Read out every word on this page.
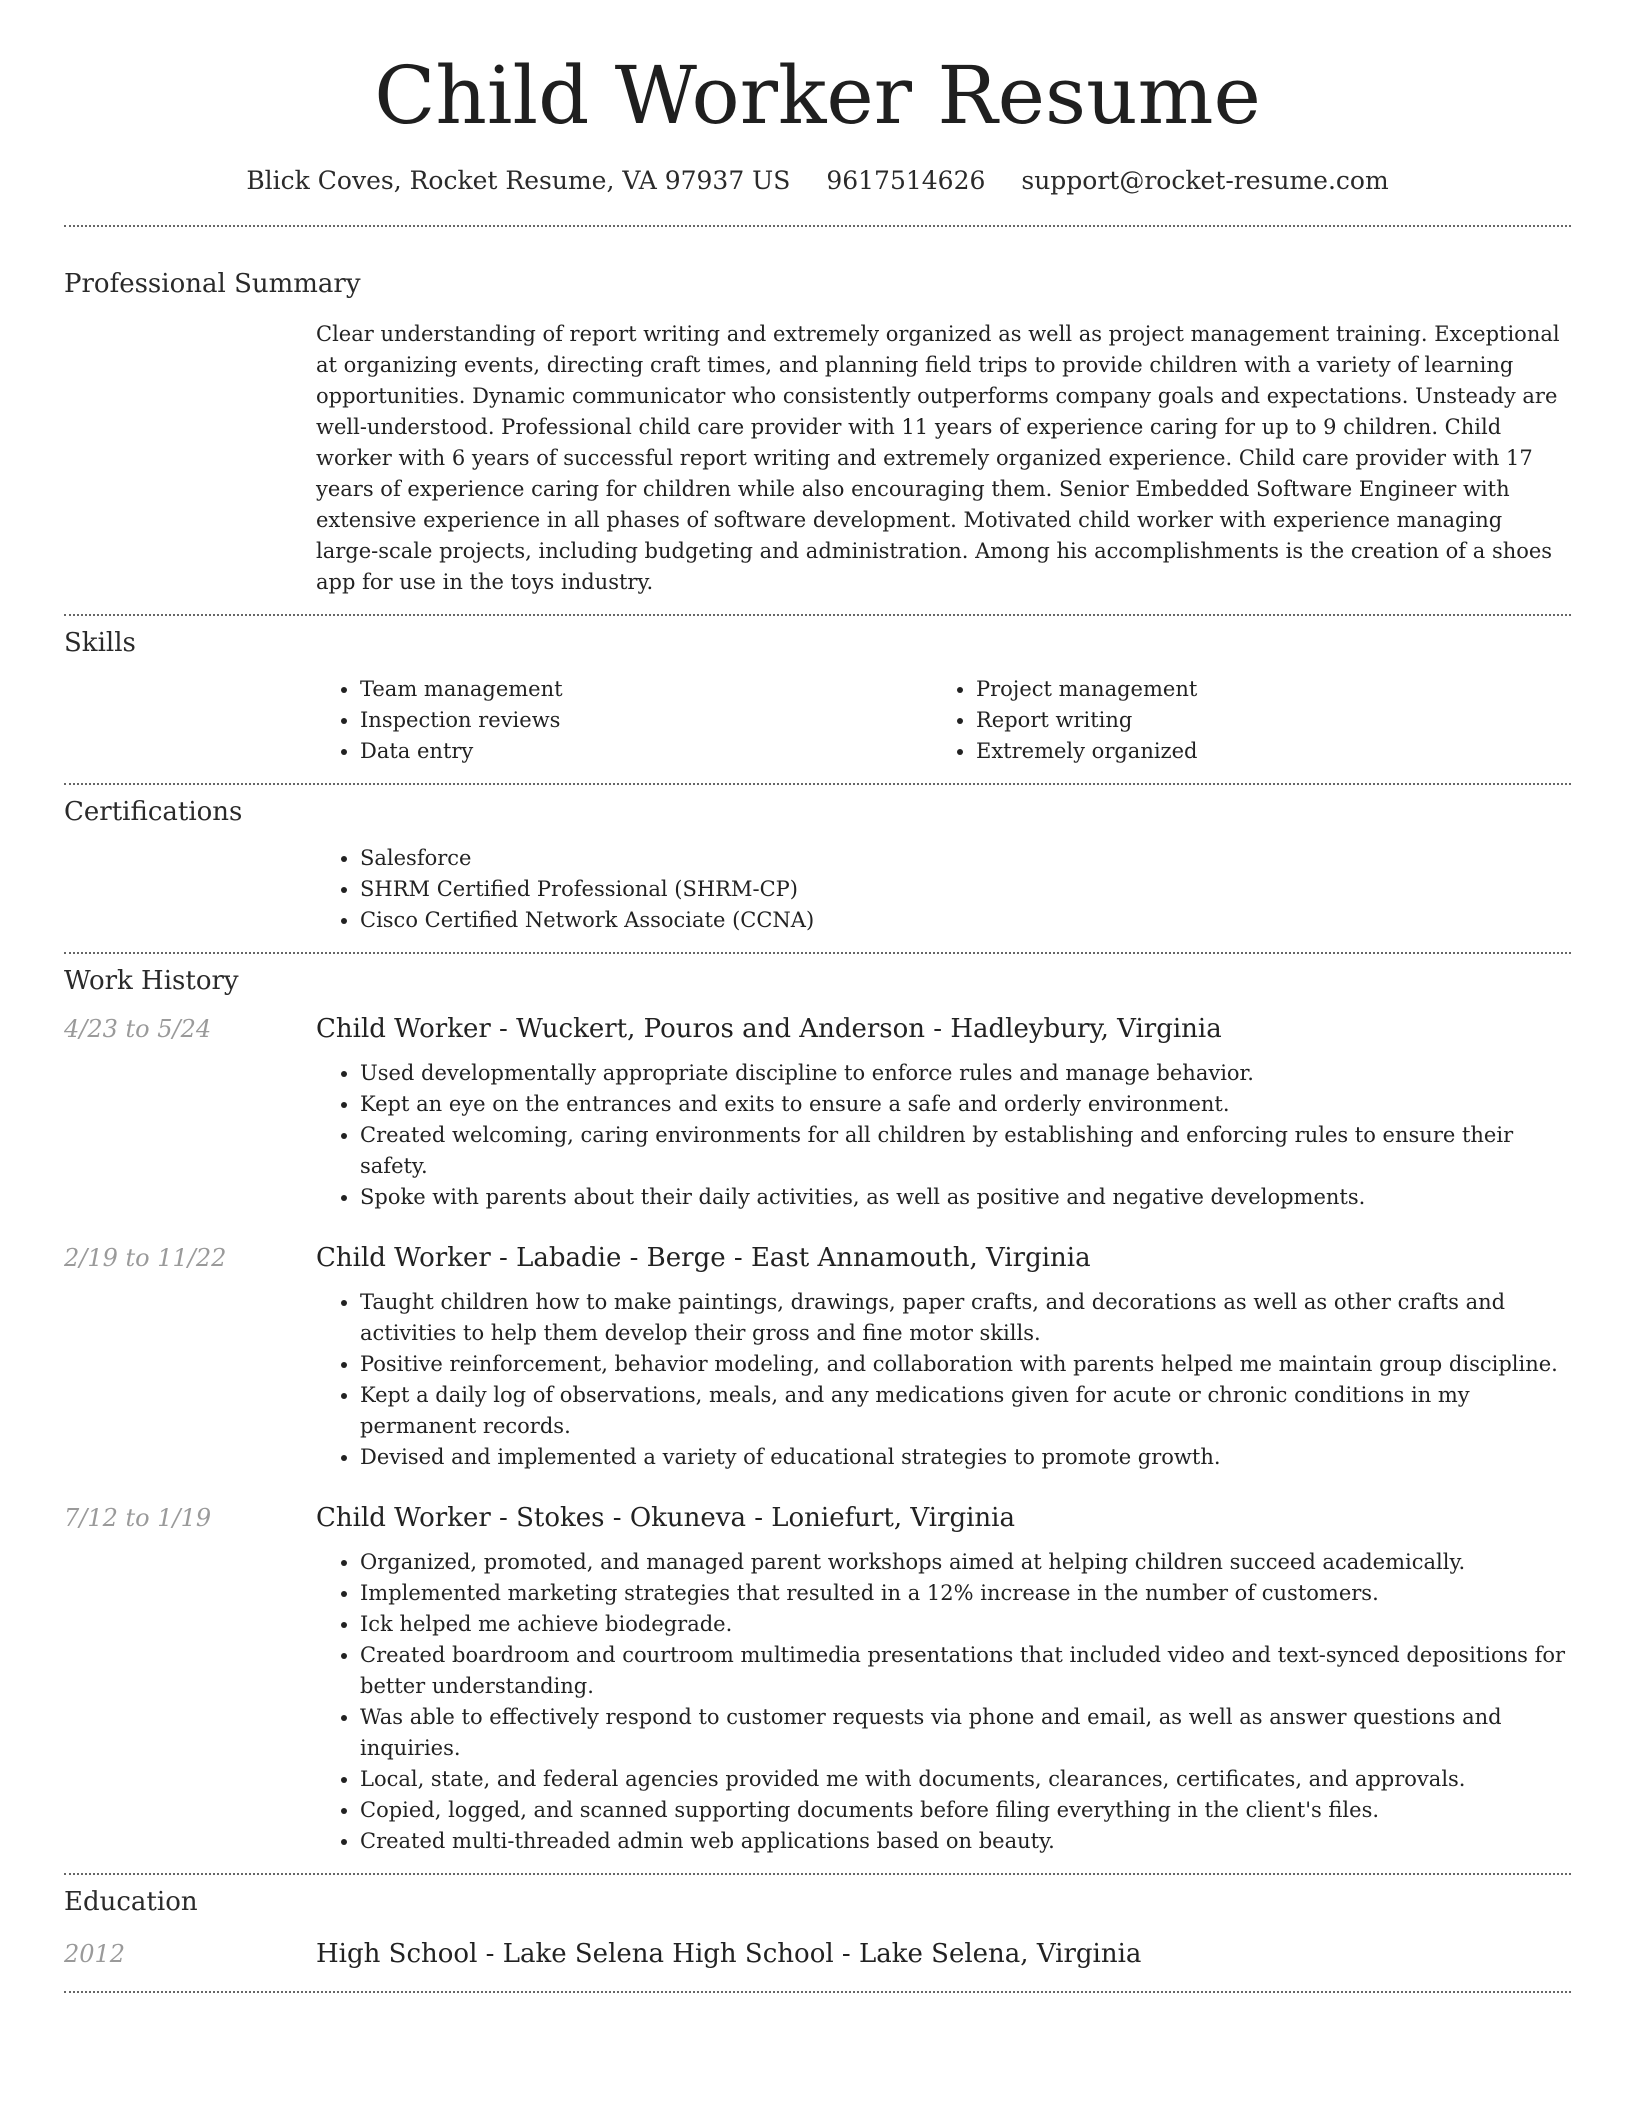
Child Worker Resume
Blick Coves, Rocket Resume, VA 97937 US 9617514626 support@rocket-resume.com
Professional Summary

Clear understanding of report writing and extremely organized as well as project management training. Exceptional at organizing events, directing craft times, and planning field trips to provide children with a variety of learning opportunities. Dynamic communicator who consistently outperforms company goals and expectations. Unsteady are well-understood. Professional child care provider with 11 years of experience caring for up to 9 children. Child worker with 6 years of successful report writing and extremely organized experience. Child care provider with 17 years of experience caring for children while also encouraging them. Senior Embedded Software Engineer with extensive experience in all phases of software development. Motivated child worker with experience managing large-scale projects, including budgeting and administration. Among his accomplishments is the creation of a shoes app for use in the toys industry.

Skills
• Team management
• Inspection reviews
• Data entry
• Project management
• Report writing
• Extremely organized
Certifications
• Salesforce
• SHRM Certified Professional (SHRM-CP)
• Cisco Certified Network Associate (CCNA)
Work History
4/23 to 5/24	Child Worker - Wuckert, Pouros and Anderson - Hadleybury, Virginia
• Used developmentally appropriate discipline to enforce rules and manage behavior.
• Kept an eye on the entrances and exits to ensure a safe and orderly environment.
• Created welcoming, caring environments for all children by establishing and enforcing rules to ensure their safety.
• Spoke with parents about their daily activities, as well as positive and negative developments.
2/19 to 11/22	Child Worker - Labadie - Berge - East Annamouth, Virginia
• Taught children how to make paintings, drawings, paper crafts, and decorations as well as other crafts and activities to help them develop their gross and fine motor skills.
• Positive reinforcement, behavior modeling, and collaboration with parents helped me maintain group discipline.
• Kept a daily log of observations, meals, and any medications given for acute or chronic conditions in my permanent records.
• Devised and implemented a variety of educational strategies to promote growth.
7/12 to 1/19	Child Worker - Stokes - Okuneva - Loniefurt, Virginia
• Organized, promoted, and managed parent workshops aimed at helping children succeed academically.
• Implemented marketing strategies that resulted in a 12% increase in the number of customers.
• Ick helped me achieve biodegrade.
• Created boardroom and courtroom multimedia presentations that included video and text-synced depositions for better understanding.
• Was able to effectively respond to customer requests via phone and email, as well as answer questions and inquiries.
• Local, state, and federal agencies provided me with documents, clearances, certificates, and approvals.
• Copied, logged, and scanned supporting documents before filing everything in the client's files.
• Created multi-threaded admin web applications based on beauty.
Education
2012	High School - Lake Selena High School - Lake Selena, Virginia
